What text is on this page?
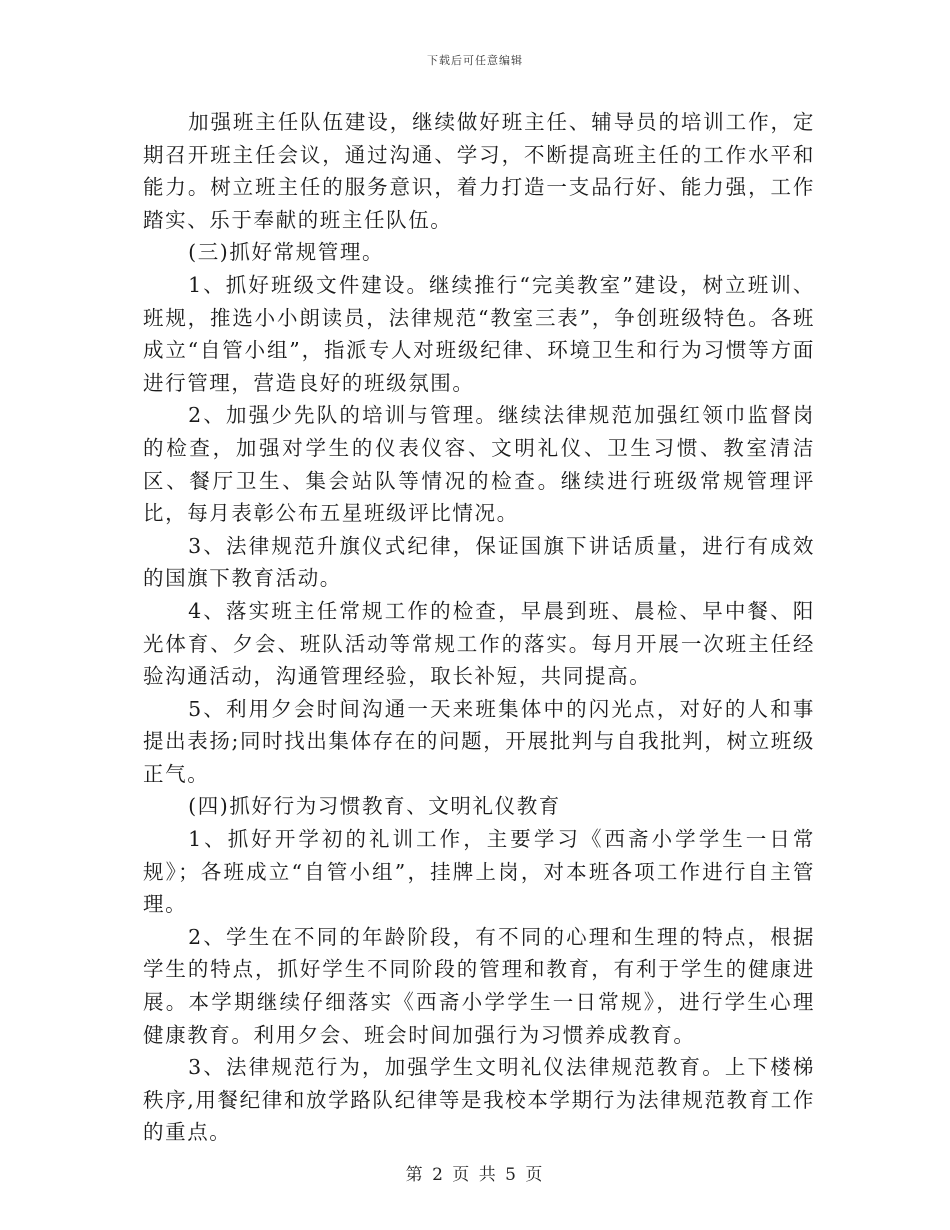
下载后可任意编辑

加强班主任队伍建设，继续做好班主任、辅导员的培训工作，定期召开班主任会议，通过沟通、学习，不断提高班主任的工作水平和能力。树立班主任的服务意识，着力打造一支品行好、能力强，工作踏实、乐于奉献的班主任队伍。

(三)抓好常规管理。

1、抓好班级文件建设。继续推行“完美教室”建设，树立班训、班规，推选小小朗读员，法律规范“教室三表”，争创班级特色。各班成立“自管小组”，指派专人对班级纪律、环境卫生和行为习惯等方面进行管理，营造良好的班级氛围。

2、加强少先队的培训与管理。继续法律规范加强红领巾监督岗的检查，加强对学生的仪表仪容、文明礼仪、卫生习惯、教室清洁区、餐厅卫生、集会站队等情况的检查。继续进行班级常规管理评比，每月表彰公布五星班级评比情况。

3、法律规范升旗仪式纪律，保证国旗下讲话质量，进行有成效的国旗下教育活动。

4、落实班主任常规工作的检查，早晨到班、晨检、早中餐、阳光体育、夕会、班队活动等常规工作的落实。每月开展一次班主任经验沟通活动，沟通管理经验，取长补短，共同提高。

5、利用夕会时间沟通一天来班集体中的闪光点，对好的人和事提出表扬;同时找出集体存在的问题，开展批判与自我批判，树立班级正气。

(四)抓好行为习惯教育、文明礼仪教育

1、抓好开学初的礼训工作，主要学习《西斋小学学生一日常规》；各班成立“自管小组”，挂牌上岗，对本班各项工作进行自主管理。

2、学生在不同的年龄阶段，有不同的心理和生理的特点，根据学生的特点，抓好学生不同阶段的管理和教育，有利于学生的健康进展。本学期继续仔细落实《西斋小学学生一日常规》，进行学生心理健康教育。利用夕会、班会时间加强行为习惯养成教育。

3、法律规范行为，加强学生文明礼仪法律规范教育。上下楼梯秩序,用餐纪律和放学路队纪律等是我校本学期行为法律规范教育工作的重点。

第 2 页 共 5 页
